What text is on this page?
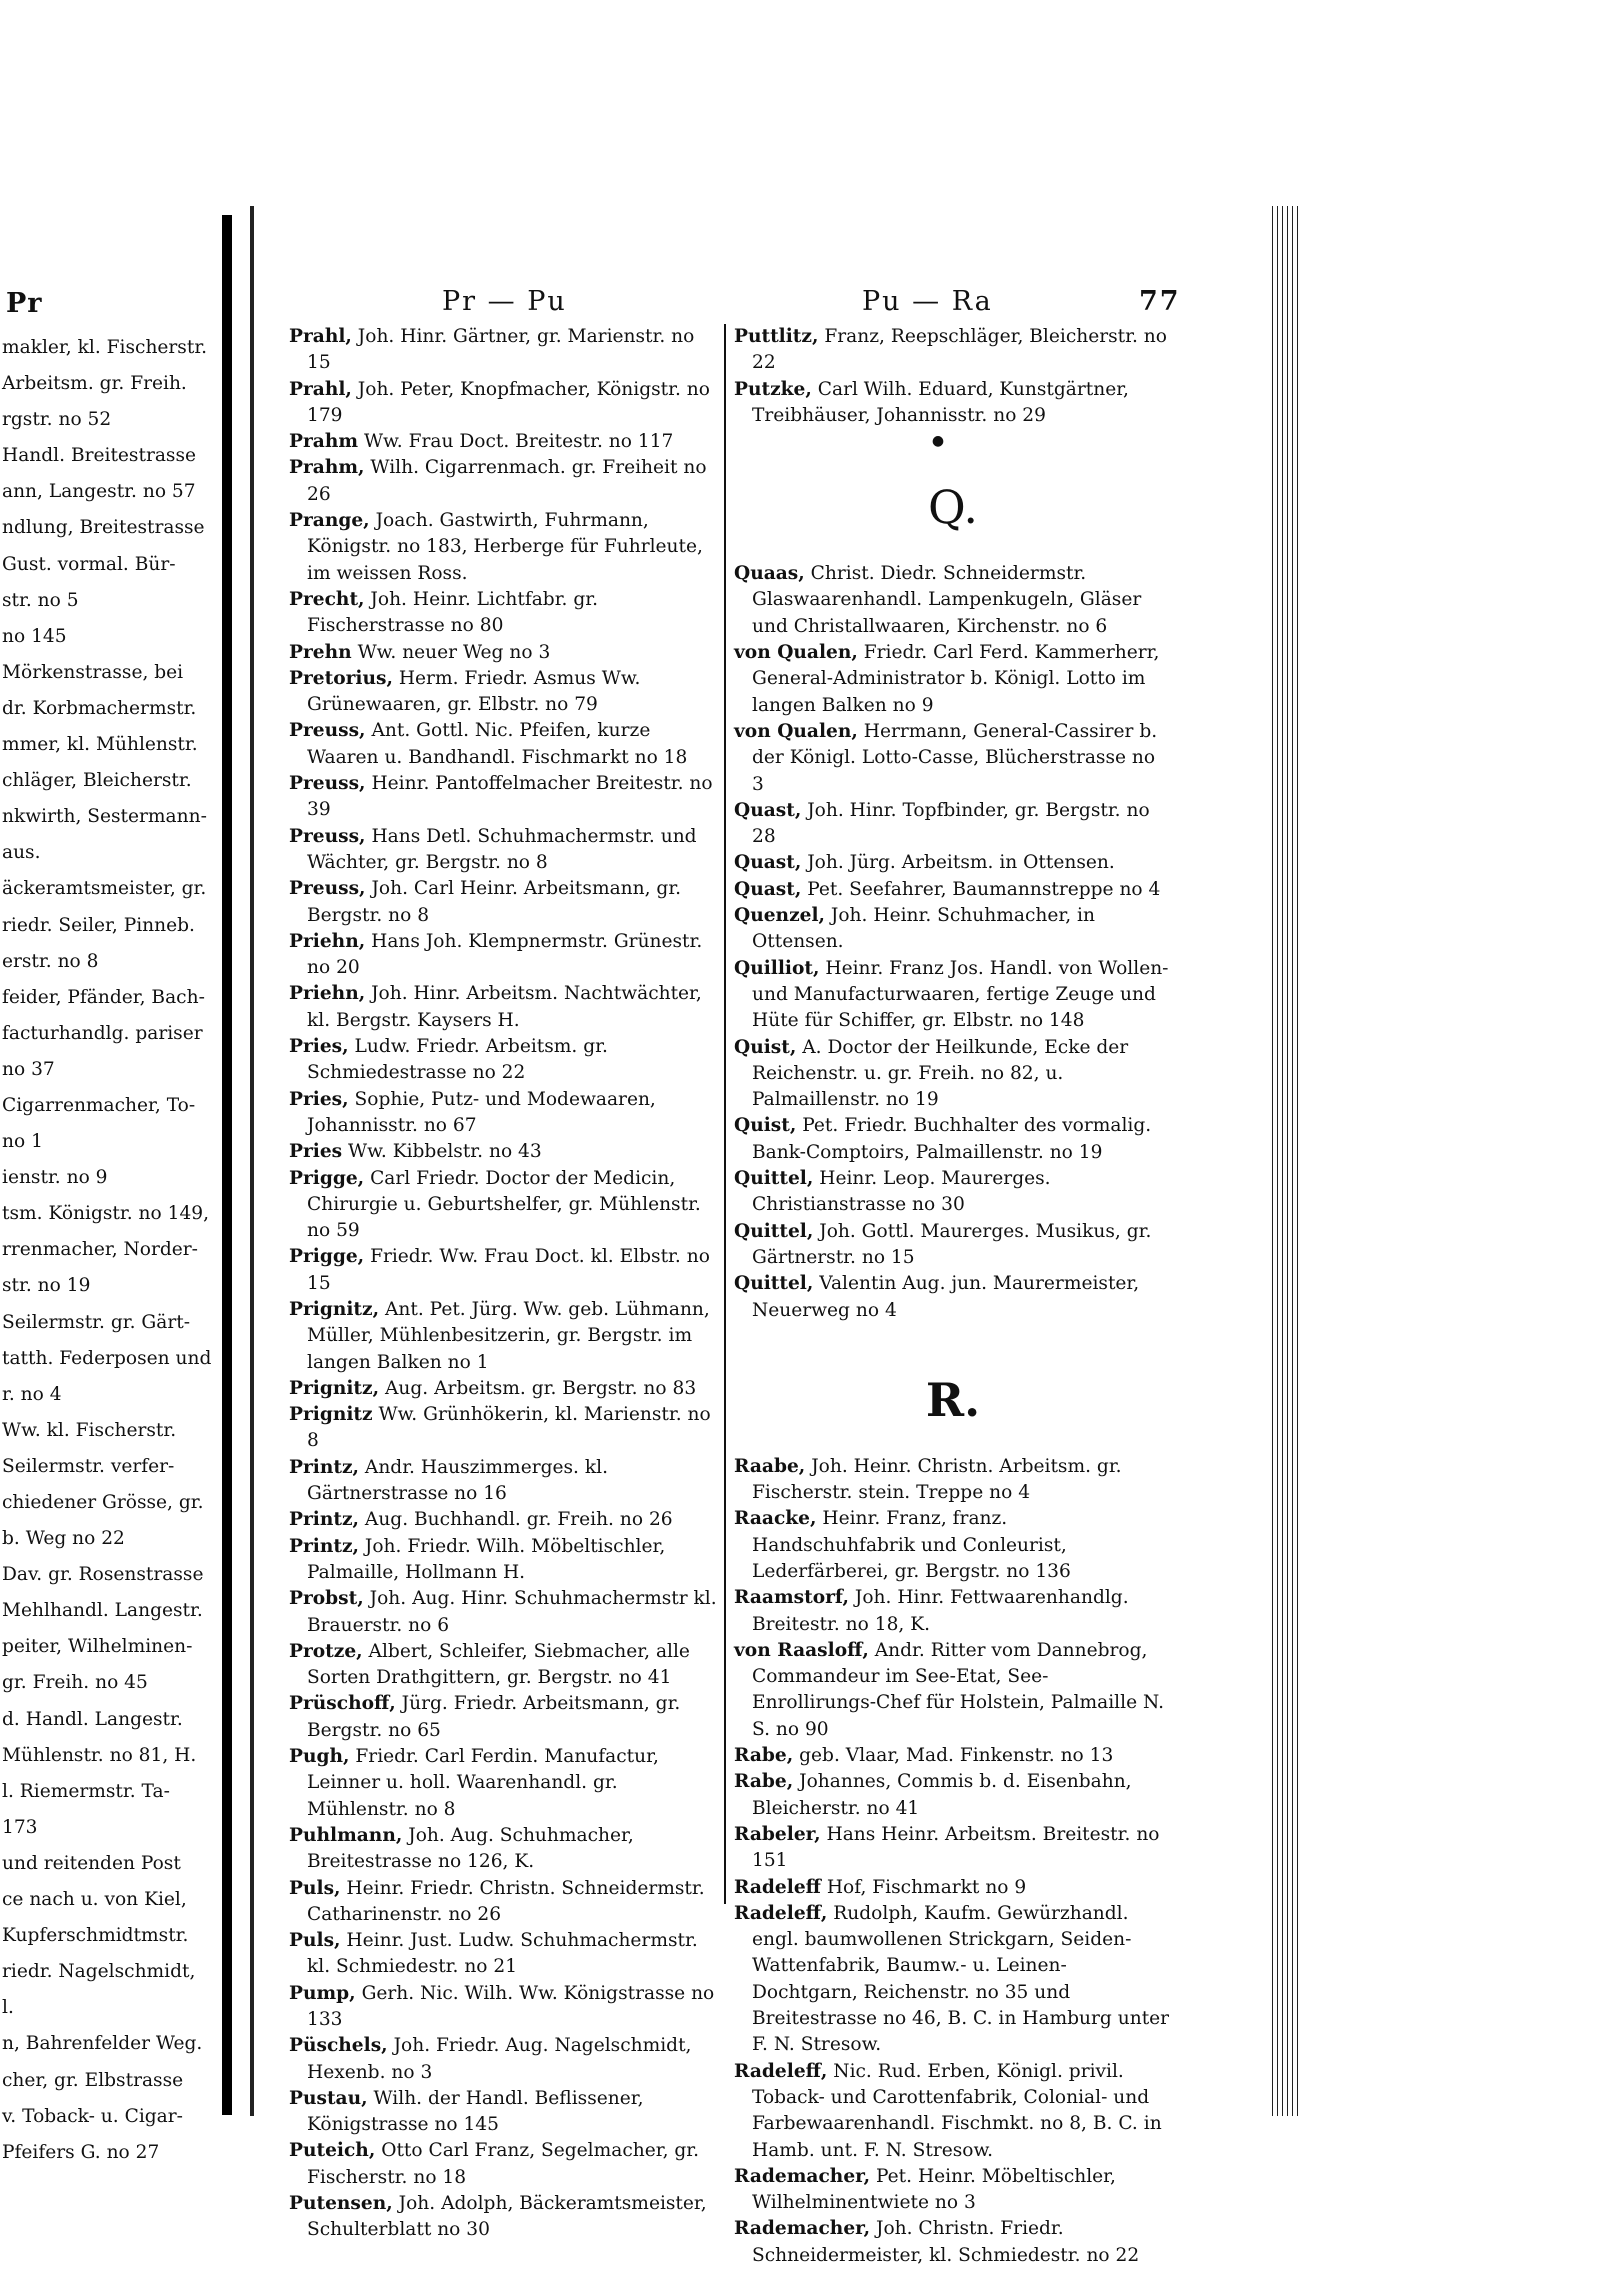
Pr
makler, kl. Fischerstr.
Arbeitsm. gr. Freih.
rgstr. no 52
Handl. Breitestrasse
ann, Langestr. no 57
ndlung, Breitestrasse
Gust. vormal. Bür-
str. no 5
no 145
Mörkenstrasse, bei
dr. Korbmachermstr.
mmer, kl. Mühlenstr.
chläger, Bleicherstr.
nkwirth, Sestermann-
aus.
äckeramtsmeister, gr.
riedr. Seiler, Pinneb.
erstr. no 8
feider, Pfänder, Bach-
facturhandlg. pariser
no 37
Cigarrenmacher, To-
no 1
ienstr. no 9
tsm. Königstr. no 149,
rrenmacher, Norder-
str. no 19
Seilermstr. gr. Gärt-
tatth. Federposen und
r. no 4
Ww. kl. Fischerstr.
Seilermstr. verfer-
chiedener Grösse, gr.
b. Weg no 22
Dav. gr. Rosenstrasse
Mehlhandl. Langestr.
peiter, Wilhelminen-
gr. Freih. no 45
d. Handl. Langestr.
Mühlenstr. no 81, H.
l. Riemermstr. Ta-
173
und reitenden Post
ce nach u. von Kiel,
Kupferschmidtmstr.
riedr. Nagelschmidt,
l.
n, Bahrenfelder Weg.
cher, gr. Elbstrasse
v. Toback- u. Cigar-
Pfeifers G. no 27
Pr — Pu	Pu — Ra	77
Prahl, Joh. Hinr. Gärtner, gr. Marienstr. no 15
Prahl, Joh. Peter, Knopfmacher, Königstr. no 179
Prahm Ww. Frau Doct. Breitestr. no 117
Prahm, Wilh. Cigarrenmach. gr. Freiheit no 26
Prange, Joach. Gastwirth, Fuhrmann, Königstr. no 183, Herberge für Fuhrleute, im weissen Ross.
Precht, Joh. Heinr. Lichtfabr. gr. Fischerstrasse no 80
Prehn Ww. neuer Weg no 3
Pretorius, Herm. Friedr. Asmus Ww. Grünewaaren, gr. Elbstr. no 79
Preuss, Ant. Gottl. Nic. Pfeifen, kurze Waaren u. Bandhandl. Fischmarkt no 18
Preuss, Heinr. Pantoffelmacher Breitestr. no 39
Preuss, Hans Detl. Schuhmachermstr. und Wächter, gr. Bergstr. no 8
Preuss, Joh. Carl Heinr. Arbeitsmann, gr. Bergstr. no 8
Priehn, Hans Joh. Klempnermstr. Grünestr. no 20
Priehn, Joh. Hinr. Arbeitsm. Nachtwächter, kl. Bergstr. Kaysers H.
Pries, Ludw. Friedr. Arbeitsm. gr. Schmiedestrasse no 22
Pries, Sophie, Putz- und Modewaaren, Johannisstr. no 67
Pries Ww. Kibbelstr. no 43
Prigge, Carl Friedr. Doctor der Medicin, Chirurgie u. Geburtshelfer, gr. Mühlenstr. no 59
Prigge, Friedr. Ww. Frau Doct. kl. Elbstr. no 15
Prignitz, Ant. Pet. Jürg. Ww. geb. Lühmann, Müller, Mühlenbesitzerin, gr. Bergstr. im langen Balken no 1
Prignitz, Aug. Arbeitsm. gr. Bergstr. no 83
Prignitz Ww. Grünhökerin, kl. Marienstr. no 8
Printz, Andr. Hauszimmerges. kl. Gärtnerstrasse no 16
Printz, Aug. Buchhandl. gr. Freih. no 26
Printz, Joh. Friedr. Wilh. Möbeltischler, Palmaille, Hollmann H.
Probst, Joh. Aug. Hinr. Schuhmachermstr kl. Brauerstr. no 6
Protze, Albert, Schleifer, Siebmacher, alle Sorten Drathgittern, gr. Bergstr. no 41
Prüschoff, Jürg. Friedr. Arbeitsmann, gr. Bergstr. no 65
Pugh, Friedr. Carl Ferdin. Manufactur, Leinner u. holl. Waarenhandl. gr. Mühlenstr. no 8
Puhlmann, Joh. Aug. Schuhmacher, Breitestrasse no 126, K.
Puls, Heinr. Friedr. Christn. Schneidermstr. Catharinenstr. no 26
Puls, Heinr. Just. Ludw. Schuhmachermstr. kl. Schmiedestr. no 21
Pump, Gerh. Nic. Wilh. Ww. Königstrasse no 133
Püschels, Joh. Friedr. Aug. Nagelschmidt, Hexenb. no 3
Pustau, Wilh. der Handl. Beflissener, Königstrasse no 145
Puteich, Otto Carl Franz, Segelmacher, gr. Fischerstr. no 18
Putensen, Joh. Adolph, Bäckeramtsmeister, Schulterblatt no 30
Puttlitz, Franz, Reepschläger, Bleicherstr. no 22
Putzke, Carl Wilh. Eduard, Kunstgärtner, Treibhäuser, Johannisstr. no 29
●
Q.
Quaas, Christ. Diedr. Schneidermstr. Glaswaarenhandl. Lampenkugeln, Gläser und Christallwaaren, Kirchenstr. no 6
von Qualen, Friedr. Carl Ferd. Kammerherr, General-Administrator b. Königl. Lotto im langen Balken no 9
von Qualen, Herrmann, General-Cassirer b. der Königl. Lotto-Casse, Blücherstrasse no 3
Quast, Joh. Hinr. Topfbinder, gr. Bergstr. no 28
Quast, Joh. Jürg. Arbeitsm. in Ottensen.
Quast, Pet. Seefahrer, Baumannstreppe no 4
Quenzel, Joh. Heinr. Schuhmacher, in Ottensen.
Quilliot, Heinr. Franz Jos. Handl. von Wollen- und Manufacturwaaren, fertige Zeuge und Hüte für Schiffer, gr. Elbstr. no 148
Quist, A. Doctor der Heilkunde, Ecke der Reichenstr. u. gr. Freih. no 82, u. Palmaillenstr. no 19
Quist, Pet. Friedr. Buchhalter des vormalig. Bank-Comptoirs, Palmaillenstr. no 19
Quittel, Heinr. Leop. Maurerges. Christianstrasse no 30
Quittel, Joh. Gottl. Maurerges. Musikus, gr. Gärtnerstr. no 15
Quittel, Valentin Aug. jun. Maurermeister, Neuerweg no 4
R.
Raabe, Joh. Heinr. Christn. Arbeitsm. gr. Fischerstr. stein. Treppe no 4
Raacke, Heinr. Franz, franz. Handschuhfabrik und Conleurist, Lederfärberei, gr. Bergstr. no 136
Raamstorf, Joh. Hinr. Fettwaarenhandlg. Breitestr. no 18, K.
von Raasloff, Andr. Ritter vom Dannebrog, Commandeur im See-Etat, See-Enrollirungs-Chef für Holstein, Palmaille N. S. no 90
Rabe, geb. Vlaar, Mad. Finkenstr. no 13
Rabe, Johannes, Commis b. d. Eisenbahn, Bleicherstr. no 41
Rabeler, Hans Heinr. Arbeitsm. Breitestr. no 151
Radeleff Hof, Fischmarkt no 9
Radeleff, Rudolph, Kaufm. Gewürzhandl. engl. baumwollenen Strickgarn, Seiden-Wattenfabrik, Baumw.- u. Leinen-Dochtgarn, Reichenstr. no 35 und Breitestrasse no 46, B. C. in Hamburg unter F. N. Stresow.
Radeleff, Nic. Rud. Erben, Königl. privil. Toback- und Carottenfabrik, Colonial- und Farbewaarenhandl. Fischmkt. no 8, B. C. in Hamb. unt. F. N. Stresow.
Rademacher, Pet. Heinr. Möbeltischler, Wilhelminentwiete no 3
Rademacher, Joh. Christn. Friedr. Schneidermeister, kl. Schmiedestr. no 22
